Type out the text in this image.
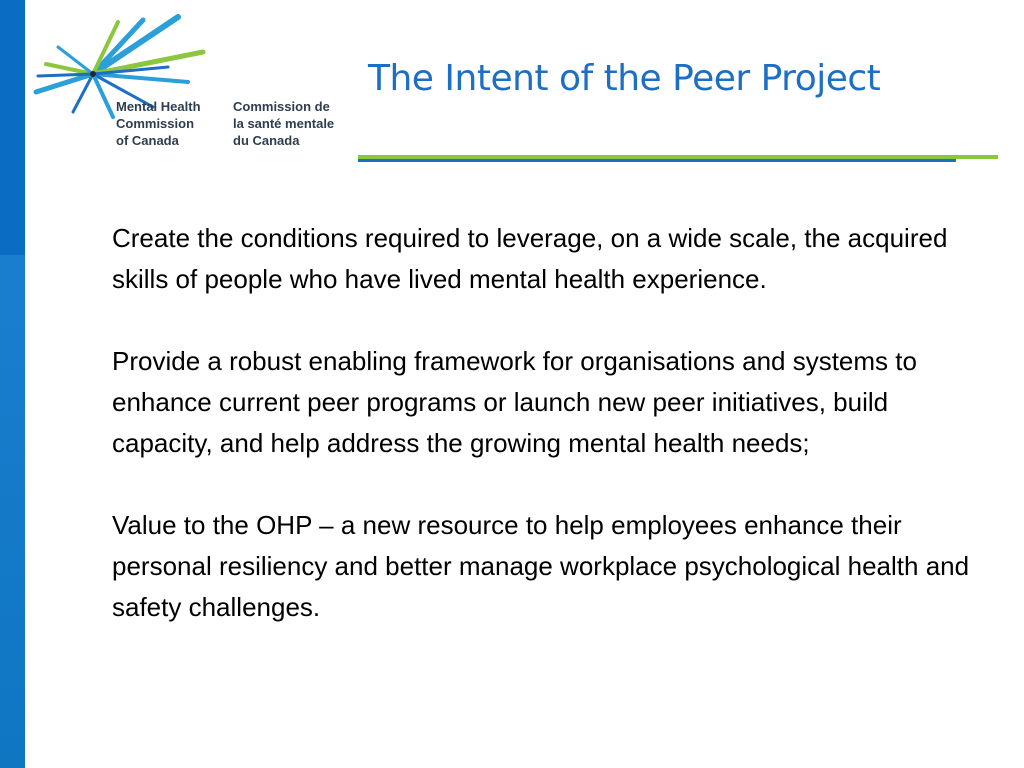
Mental Health
Commission
of Canada
Commission de
la santé mentale
du Canada
The Intent of the Peer Project

Create the conditions required to leverage, on a wide scale, the acquired skills of people who have lived mental health experience.

Provide a robust enabling framework for organisations and systems to enhance current peer programs or launch new peer initiatives, build capacity, and help address the growing mental health needs;

Value to the OHP – a new resource to help employees enhance their personal resiliency and better manage workplace psychological health and safety challenges.
